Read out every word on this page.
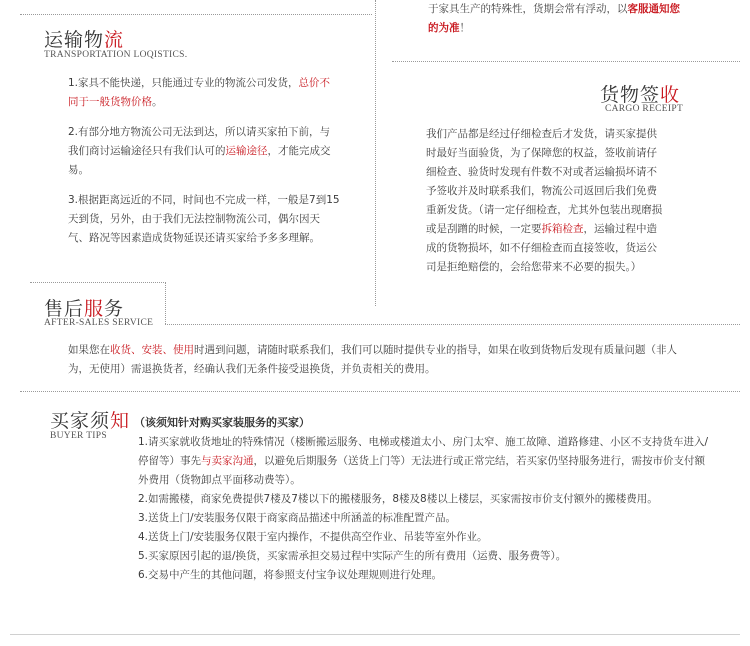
运输物流
TRANSPORTATION LOQISTICS.

1.家具不能快递，只能通过专业的物流公司发货，总价不同于一般货物价格。

2.有部分地方物流公司无法到达，所以请买家拍下前，与我们商讨运输途径只有我们认可的运输途径，才能完成交易。

3.根据距离远近的不同，时间也不完成一样，一般是7到15天到货，另外，由于我们无法控制物流公司，偶尔因天气、路况等因素造成货物延误还请买家给予多多理解。

于家具生产的特殊性，货期会常有浮动，以客服通知您的为准！
货物签收
CARGO RECEIPT
我们产品都是经过仔细检查后才发货，请买家提供时最好当面验货，为了保障您的权益，签收前请仔细检查、验货时发现有件数不对或者运输损坏请不予签收并及时联系我们，物流公司返回后我们免费重新发货。（请一定仔细检查，尤其外包装出现磨损或是刮蹭的时候，一定要拆箱检查，运输过程中造成的货物损坏，如不仔细检查而直接签收，货运公司是拒绝赔偿的，会给您带来不必要的损失。）
售后服务
AFTER-SALES SERVICE
如果您在收货、安装、使用时遇到问题，请随时联系我们，我们可以随时提供专业的指导，如果在收到货物后发现有质量问题（非人为，无使用）需退换货者，经确认我们无条件接受退换货，并负责相关的费用。
买家须知
BUYER TIPS
（该须知针对购买家装服务的买家）

1.请买家就收货地址的特殊情况（楼断搬运服务、电梯或楼道太小、房门太窄、施工故障、道路修建、小区不支持货车进入/停留等）事先与卖家沟通，以避免后期服务（送货上门等）无法进行或正常完结，若买家仍坚持服务进行，需按市价支付额外费用（货物卸点平面移动费等）。

2.如需搬楼，商家免费提供7楼及7楼以下的搬楼服务，8楼及8楼以上楼层，买家需按市价支付额外的搬楼费用。

3.送货上门/安装服务仅限于商家商品描述中所涵盖的标准配置产品。

4.送货上门/安装服务仅限于室内操作，不提供高空作业、吊装等室外作业。

5.买家原因引起的退/换货，买家需承担交易过程中实际产生的所有费用（运费、服务费等）。

6.交易中产生的其他问题，将参照支付宝争议处理规则进行处理。
